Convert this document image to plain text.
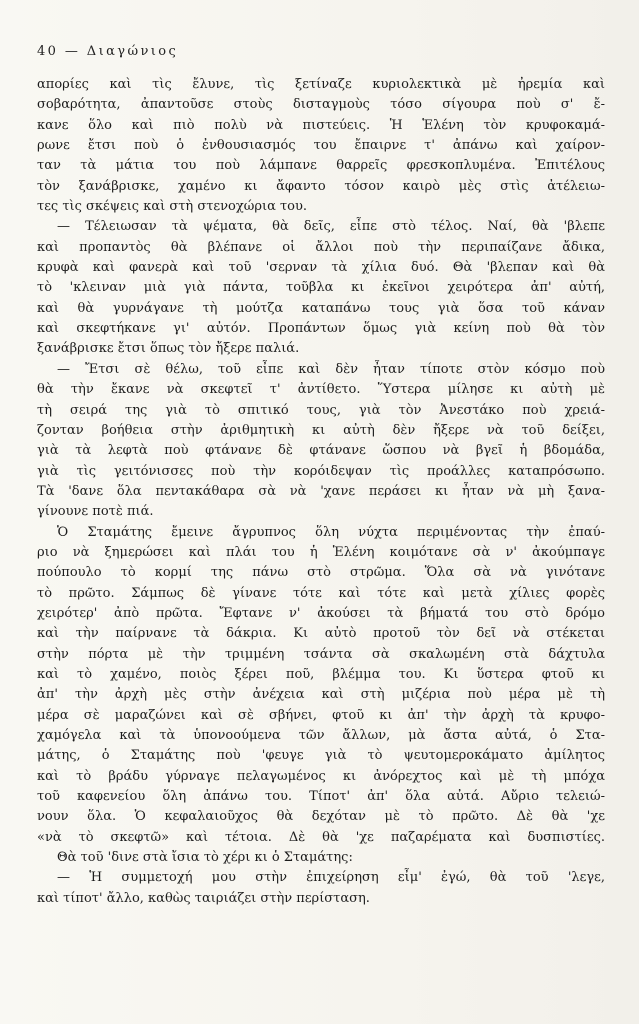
40 — Διαγώνιος
απορίες καὶ τὶς ἔλυνε, τὶς ξετίναζε κυριολεκτικὰ μὲ ἠρεμία καὶ
σοβαρότητα, ἀπαντοῦσε στοὺς δισταγμοὺς τόσο σίγουρα ποὺ σ' ἔ-
κανε ὅλο καὶ πιὸ πολὺ νὰ πιστεύεις. Ἡ Ἑλένη τὸν κρυφοκαμά-
ρωνε ἔτσι ποὺ ὁ ἐνθουσιασμός του ἔπαιρνε τ' ἀπάνω καὶ χαίρον-
ταν τὰ μάτια του ποὺ λάμπανε θαρρεῖς φρεσκοπλυμένα. Ἐπιτέλους
τὸν ξανάβρισκε, χαμένο κι ἄφαντο τόσον καιρὸ μὲς στὶς ἀτέλειω-
τες τὶς σκέψεις καὶ στὴ στενοχώρια του.
— Τέλειωσαν τὰ ψέματα, θὰ δεῖς, εἶπε στὸ τέλος. Ναί, θὰ 'βλεπε
καὶ προπαντὸς θὰ βλέπανε οἱ ἄλλοι ποὺ τὴν περιπαίζανε ἄδικα,
κρυφὰ καὶ φανερὰ καὶ τοῦ 'σερναν τὰ χίλια δυό. Θὰ 'βλεπαν καὶ θὰ
τὸ 'κλειναν μιὰ γιὰ πάντα, τοῦβλα κι ἐκεῖνοι χειρότερα ἀπ' αὐτή,
καὶ θὰ γυρνάγανε τὴ μούτζα καταπάνω τους γιὰ ὅσα τοῦ κάναν
καὶ σκεφτήκανε γι' αὐτόν. Προπάντων ὅμως γιὰ κείνη ποὺ θὰ τὸν
ξανάβρισκε ἔτσι ὅπως τὸν ἤξερε παλιά.
— Ἔτσι σὲ θέλω, τοῦ εἶπε καὶ δὲν ἦταν τίποτε στὸν κόσμο ποὺ
θὰ τὴν ἔκανε νὰ σκεφτεῖ τ' ἀντίθετο. Ὕστερα μίλησε κι αὐτὴ μὲ
τὴ σειρά της γιὰ τὸ σπιτικό τους, γιὰ τὸν Ἀνεστάκο ποὺ χρειά-
ζονταν βοήθεια στὴν ἀριθμητικὴ κι αὐτὴ δὲν ἤξερε νὰ τοῦ δείξει,
γιὰ τὰ λεφτὰ ποὺ φτάνανε δὲ φτάνανε ὥσπου νὰ βγεῖ ἡ βδομάδα,
γιὰ τὶς γειτόνισσες ποὺ τὴν κορόιδεψαν τὶς προάλλες καταπρόσωπο.
Τὰ 'δανε ὅλα πεντακάθαρα σὰ νὰ 'χανε περάσει κι ἦταν νὰ μὴ ξανα-
γίνουνε ποτὲ πιά.
Ὁ Σταμάτης ἔμεινε ἄγρυπνος ὅλη νύχτα περιμένοντας τὴν ἐπαύ-
ριο νὰ ξημερώσει καὶ πλάι του ἡ Ἑλένη κοιμότανε σὰ ν' ἀκούμπαγε
πούπουλο τὸ κορμί της πάνω στὸ στρῶμα. Ὅλα σὰ νὰ γινότανε
τὸ πρῶτο. Σάμπως δὲ γίνανε τότε καὶ τότε καὶ μετὰ χίλιες φορὲς
χειρότερ' ἀπὸ πρῶτα. Ἔφτανε ν' ἀκούσει τὰ βήματά του στὸ δρόμο
καὶ τὴν παίρνανε τὰ δάκρια. Κι αὐτὸ προτοῦ τὸν δεῖ νὰ στέκεται
στὴν πόρτα μὲ τὴν τριμμένη τσάντα σὰ σκαλωμένη στὰ δάχτυλα
καὶ τὸ χαμένο, ποιὸς ξέρει ποῦ, βλέμμα του. Κι ὕστερα φτοῦ κι
ἀπ' τὴν ἀρχὴ μὲς στὴν ἀνέχεια καὶ στὴ μιζέρια ποὺ μέρα μὲ τὴ
μέρα σὲ μαραζώνει καὶ σὲ σβήνει, φτοῦ κι ἀπ' τὴν ἀρχὴ τὰ κρυφο-
χαμόγελα καὶ τὰ ὑπονοούμενα τῶν ἄλλων, μὰ ἄστα αὐτά, ὁ Στα-
μάτης, ὁ Σταμάτης ποὺ 'φευγε γιὰ τὸ ψευτομεροκάματο ἀμίλητος
καὶ τὸ βράδυ γύρναγε πελαγωμένος κι ἀνόρεχτος καὶ μὲ τὴ μπόχα
τοῦ καφενείου ὅλη ἀπάνω του. Τίποτ' ἀπ' ὅλα αὐτά. Αὔριο τελειώ-
νουν ὅλα. Ὁ κεφαλαιοῦχος θὰ δεχόταν μὲ τὸ πρῶτο. Δὲ θὰ 'χε
«νὰ τὸ σκεφτῶ» καὶ τέτοια. Δὲ θὰ 'χε παζαρέματα καὶ δυσπιστίες.
Θὰ τοῦ 'δινε στὰ ἴσια τὸ χέρι κι ὁ Σταμάτης:
— Ἡ συμμετοχή μου στὴν ἐπιχείρηση εἶμ' ἐγώ, θὰ τοῦ 'λεγε,
καὶ τίποτ' ἄλλο, καθὼς ταιριάζει στὴν περίσταση.
